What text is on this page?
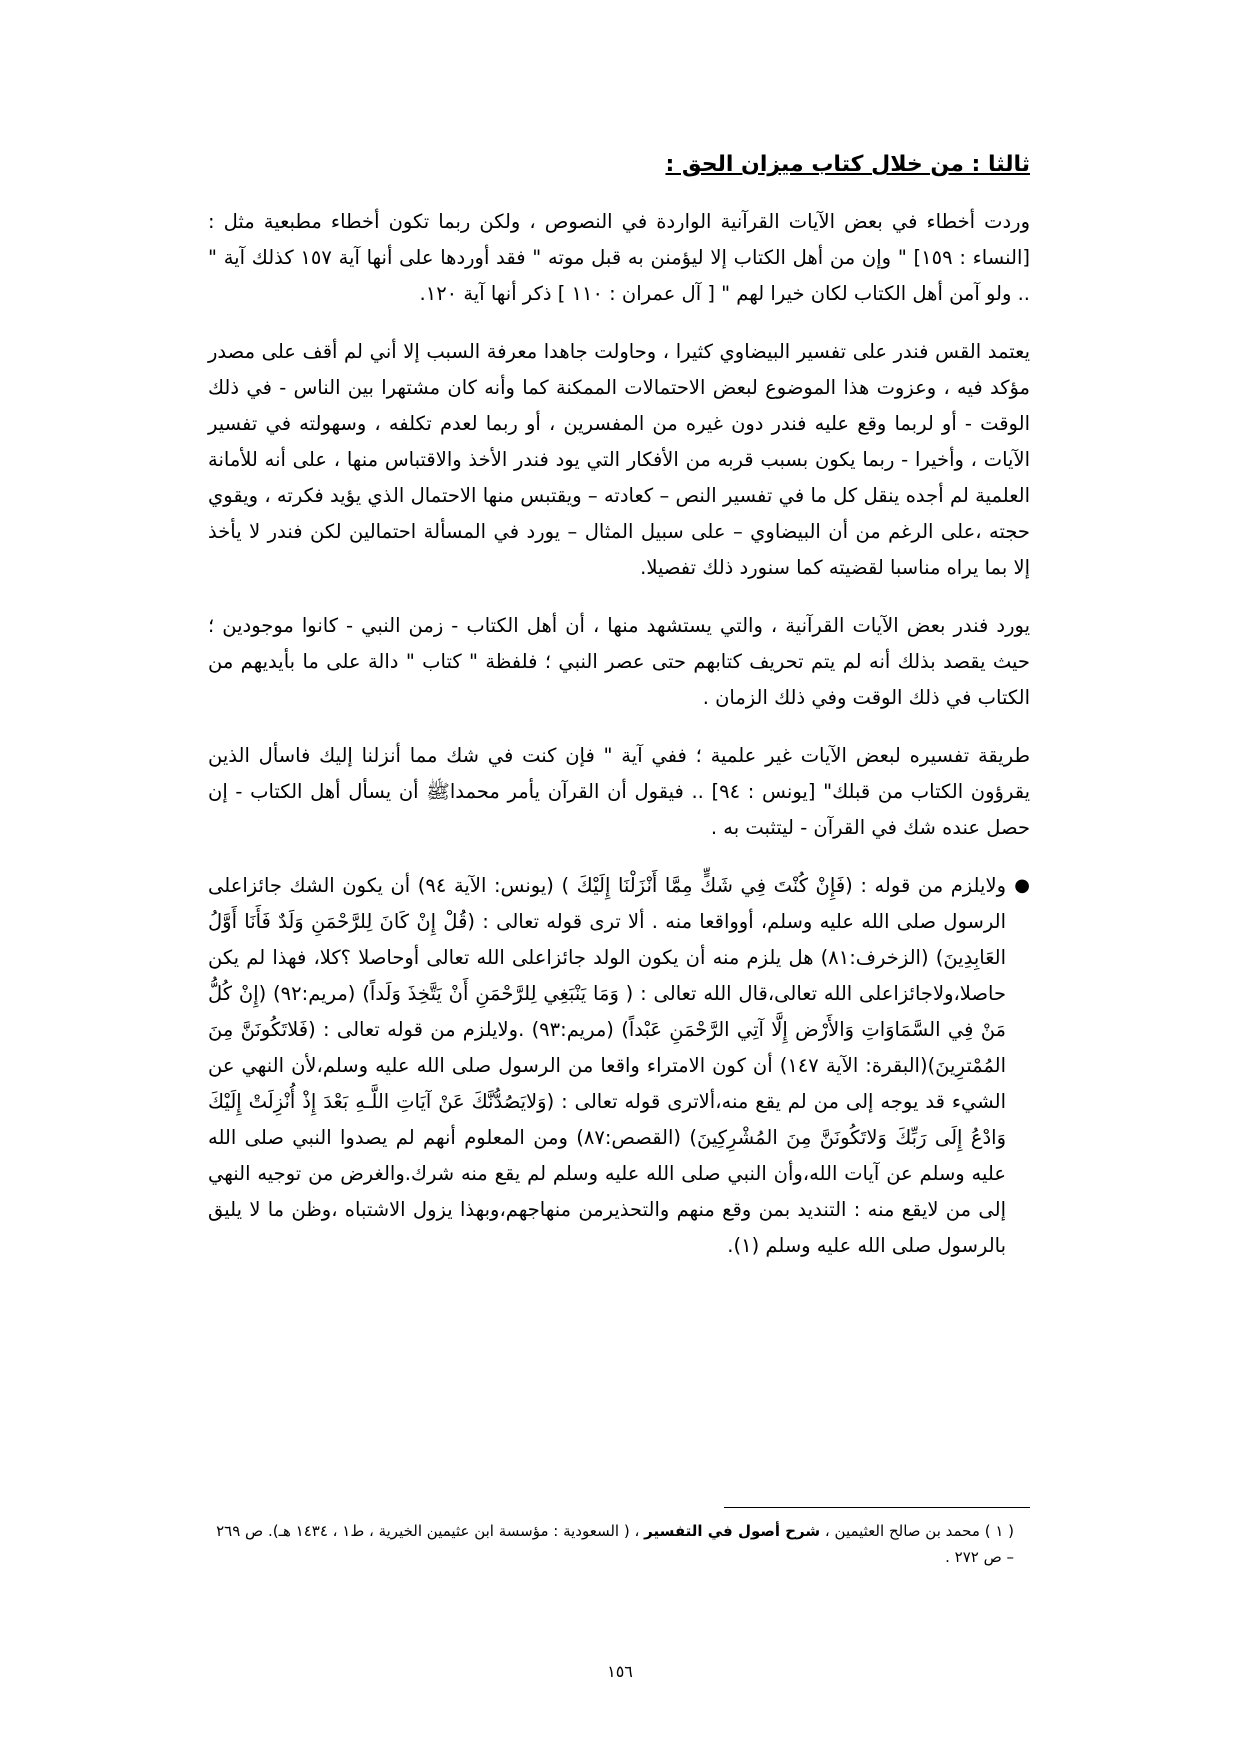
ثالثا : من خلال كتاب ميزان الحق :

وردت أخطاء في بعض الآيات القرآنية الواردة في النصوص ، ولكن ربما تكون أخطاء مطبعية مثل : [النساء : ١٥٩] " وإن من أهل الكتاب إلا ليؤمنن به قبل موته " فقد أوردها على أنها آية ١٥٧ كذلك آية " .. ولو آمن أهل الكتاب لكان خيرا لهم " [ آل عمران : ١١٠ ] ذكر أنها آية ١٢٠.

يعتمد القس فندر على تفسير البيضاوي كثيرا ، وحاولت جاهدا معرفة السبب إلا أني لم أقف على مصدر مؤكد فيه ، وعزوت هذا الموضوع لبعض الاحتمالات الممكنة كما وأنه كان مشتهرا بين الناس - في ذلك الوقت - أو لربما وقع عليه فندر دون غيره من المفسرين ، أو ربما لعدم تكلفه ، وسهولته في تفسير الآيات ، وأخيرا - ربما يكون بسبب قربه من الأفكار التي يود فندر الأخذ والاقتباس منها ، على أنه للأمانة العلمية لم أجده ينقل كل ما في تفسير النص – كعادته – ويقتبس منها الاحتمال الذي يؤيد فكرته ، ويقوي حجته ،على الرغم من أن البيضاوي – على سبيل المثال – يورد في المسألة احتمالين لكن فندر لا يأخذ إلا بما يراه مناسبا لقضيته كما سنورد ذلك تفصيلا.

يورد فندر بعض الآيات القرآنية ، والتي يستشهد منها ، أن أهل الكتاب - زمن النبي - كانوا موجودين ؛ حيث يقصد بذلك أنه لم يتم تحريف كتابهم حتى عصر النبي ؛ فلفظة " كتاب " دالة على ما بأيديهم من الكتاب في ذلك الوقت وفي ذلك الزمان .

طريقة تفسيره لبعض الآيات غير علمية ؛ ففي آية " فإن كنت في شك مما أنزلنا إليك فاسأل الذين يقرؤون الكتاب من قبلك" [يونس : ٩٤] .. فيقول أن القرآن يأمر محمداﷺ أن يسأل أهل الكتاب - إن حصل عنده شك في القرآن - ليتثبت به .

●
ولايلزم من قوله : (فَإِنْ كُنْتَ فِي شَكٍّ مِمَّا أَنْزَلْنَا إِلَيْكَ ) (يونس: الآية ٩٤) أن يكون الشك جائزاعلى الرسول صلى الله عليه وسلم، أوواقعا منه . ألا ترى قوله تعالى : (قُلْ إِنْ كَانَ لِلرَّحْمَنِ وَلَدٌ فَأَنَا أَوَّلُ العَابِدِينَ) (الزخرف:٨١) هل يلزم منه أن يكون الولد جائزاعلى الله تعالى أوحاصلا ؟كلا، فهذا لم يكن حاصلا،ولاجائزاعلى الله تعالى،قال الله تعالى : ( وَمَا يَنْبَغِي لِلرَّحْمَنِ أَنْ يَتَّخِذَ وَلَداً) (مريم:٩٢) (إِنْ كُلُّ مَنْ فِي السَّمَاوَاتِ وَالأَرْض إِلَّا آتِي الرَّحْمَنِ عَبْداً) (مريم:٩٣) .ولايلزم من قوله تعالى : (فَلاتَكُونَنَّ مِنَ المُمْترِينَ)(البقرة: الآية ١٤٧) أن كون الامتراء واقعا من الرسول صلى الله عليه وسلم،لأن النهي عن الشيء قد يوجه إلى من لم يقع منه،ألاترى قوله تعالى : (وَلايَصُدُّنَّكَ عَنْ آيَاتِ اللَّـهِ بَعْدَ إِذْ أُنْزِلَتْ إِلَيْكَ وَادْعُ إِلَى رَبِّكَ وَلاتَكُونَنَّ مِنَ المُشْرِكِينَ) (القصص:٨٧) ومن المعلوم أنهم لم يصدوا النبي صلى الله عليه وسلم عن آيات الله،وأن النبي صلى الله عليه وسلم لم يقع منه شرك.والغرض من توجيه النهي إلى من لايقع منه : التنديد بمن وقع منهم والتحذيرمن منهاجهم،وبهذا يزول الاشتباه ،وظن ما لا يليق بالرسول صلى الله عليه وسلم (١).
( ١ ) محمد بن صالح العثيمين ، شرح أصول في التفسير ، ( السعودية : مؤسسة ابن عثيمين الخيرية ، ط١ ، ١٤٣٤ هـ). ص ٢٦٩ – ص ٢٧٢ .
١٥٦
